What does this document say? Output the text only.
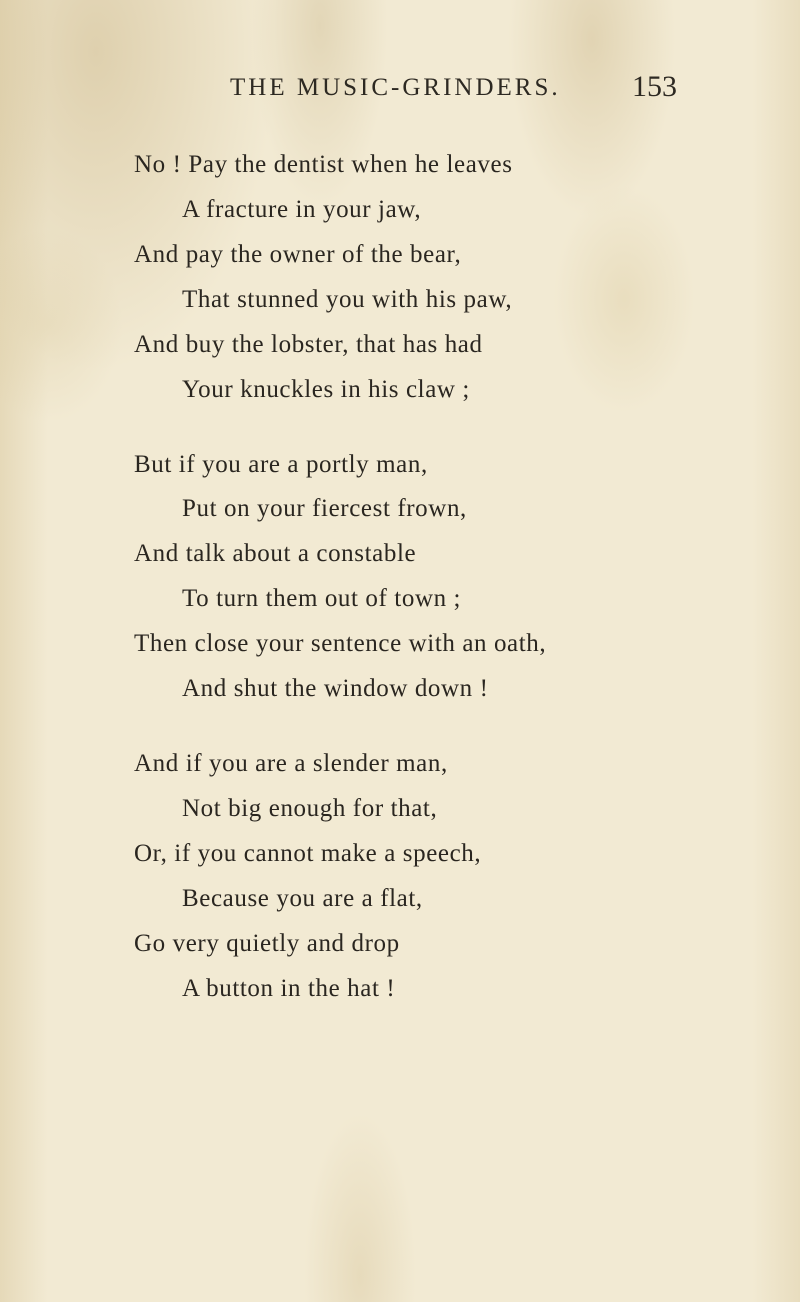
THE MUSIC-GRINDERS. 153
No ! Pay the dentist when he leaves
A fracture in your jaw,
And pay the owner of the bear,
That stunned you with his paw,
And buy the lobster, that has had
Your knuckles in his claw ;
But if you are a portly man,
Put on your fiercest frown,
And talk about a constable
To turn them out of town ;
Then close your sentence with an oath,
And shut the window down !
And if you are a slender man,
Not big enough for that,
Or, if you cannot make a speech,
Because you are a flat,
Go very quietly and drop
A button in the hat !
